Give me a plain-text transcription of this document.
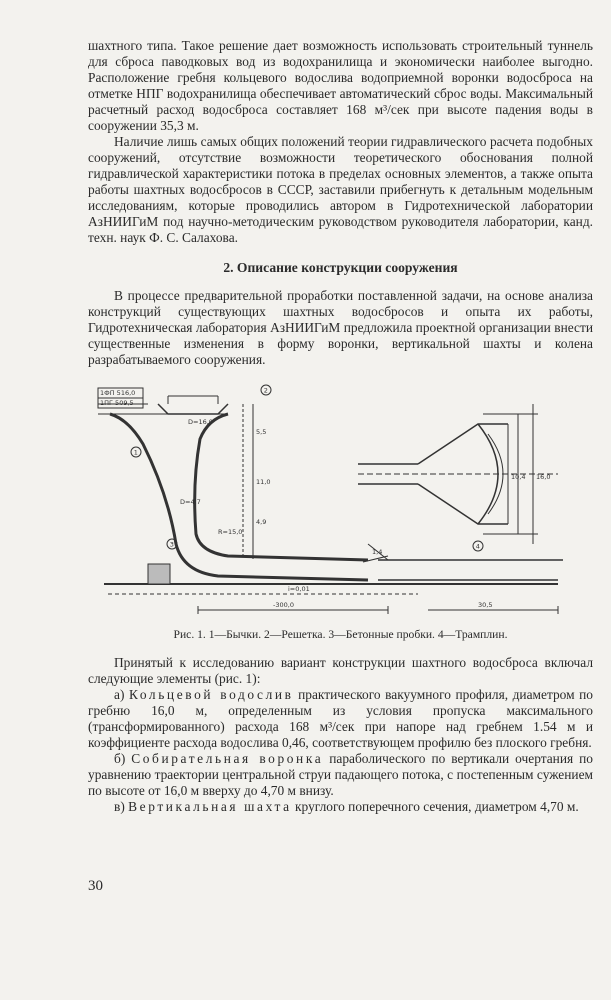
шахтного типа. Такое решение дает возможность использовать строительный туннель для сброса паводковых вод из водохранилища и экономически наиболее выгодно. Расположение гребня кольцевого водослива водоприемной воронки водосброса на отметке НПГ водохранилища обеспечивает автоматический сброс воды. Максимальный расчетный расход водосброса составляет 168 м³/сек при высоте падения воды в сооружении 35,3 м.

Наличие лишь самых общих положений теории гидравлического расчета подобных сооружений, отсутствие возможности теоретического обоснования полной гидравлической характеристики потока в пределах основных элементов, а также опыта работы шахтных водосбросов в СССР, заставили прибегнуть к детальным модельным исследованиям, которые проводились автором в Гидротехнической лаборатории АзНИИГиМ под научно-методическим руководством руководителя лаборатории, канд. техн. наук Ф. С. Салахова.

2. Описание конструкции сооружения

В процессе предварительной проработки поставленной задачи, на основе анализа конструкций существующих шахтных водосбросов и опыта их работы, Гидротехническая лаборатория АзНИИГиМ предложила проектной организации внести существенные изменения в форму воронки, вертикальной шахты и колена разрабатываемого сооружения.

1
2
3	4
1ФП 516,0
1ПГ 509,5
D=16,0
5,5
11,0
4,9
D=4,7
R=15,0
i=0,01
-300,0	30,5
10,4 16,0
1,4

Рис. 1. 1—Бычки. 2—Решетка. 3—Бетонные пробки. 4—Трамплин.

Принятый к исследованию вариант конструкции шахтного водосброса включал следующие элементы (рис. 1):

а) Кольцевой водослив практического вакуумного профиля, диаметром по гребню 16,0 м, определенным из условия пропуска максимального (трансформированного) расхода 168 м³/сек при напоре над гребнем 1.54 м и коэффициенте расхода водослива 0,46, соответствующем профилю без плоского гребня.

б) Собирательная воронка параболического по вертикали очертания по уравнению траектории центральной струи падающего потока, с постепенным сужением по высоте от 16,0 м вверху до 4,70 м внизу.

в) Вертикальная шахта круглого поперечного сечения, диаметром 4,70 м.

30
